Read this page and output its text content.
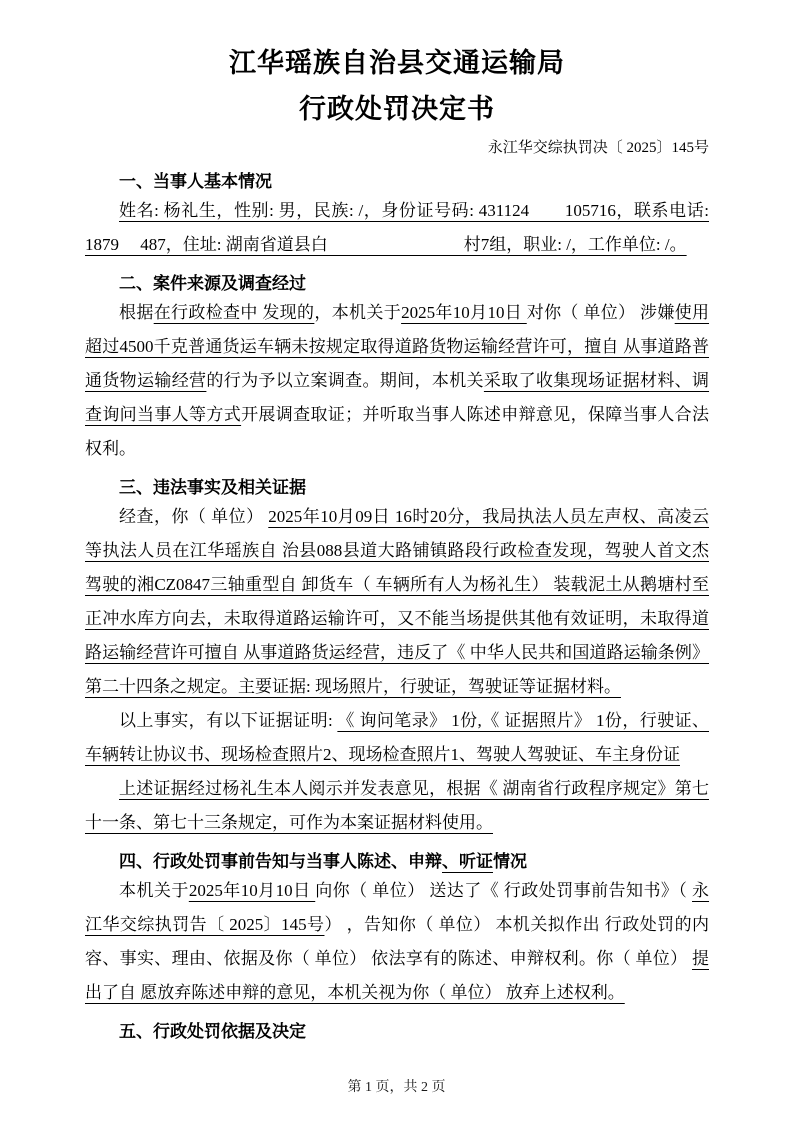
江华瑶族自治县交通运输局
行政处罚决定书
永江华交综执罚决〔 2025〕145号
一、当事人基本情况
姓名: 杨礼生，性别: 男，民族: /，身份证号码: 431124　　105716，联系电话: 1879　 487，住址: 湖南省道县白　　　　　　　　村7组，职业: /，工作单位: /。
二、案件来源及调查经过
根据在行政检查中 发现的，本机关于2025年10月10日 对你（ 单位） 涉嫌使用超过4500千克普通货运车辆未按规定取得道路货物运输经营许可，擅自 从事道路普通货物运输经营的行为予以立案调查。期间，本机关采取了收集现场证据材料、调查询问当事人等方式开展调查取证；并听取当事人陈述申辩意见，保障当事人合法权利。
三、违法事实及相关证据
经查，你（ 单位） 2025年10月09日 16时20分，我局执法人员左声权、高凌云等执法人员在江华瑶族自 治县088县道大路铺镇路段行政检查发现，驾驶人首文杰驾驶的湘CZ0847三轴重型自 卸货车（ 车辆所有人为杨礼生） 装载泥土从鹅塘村至正冲水库方向去，未取得道路运输许可，又不能当场提供其他有效证明，未取得道路运输经营许可擅自 从事道路货运经营，违反了《 中华人民共和国道路运输条例》第二十四条之规定。主要证据: 现场照片，行驶证，驾驶证等证据材料。
以上事实，有以下证据证明: 《 询问笔录》 1份,《 证据照片》 1份，行驶证、车辆转让协议书、现场检查照片2、现场检查照片1、驾驶人驾驶证、车主身份证
上述证据经过杨礼生本人阅示并发表意见，根据《 湖南省行政程序规定》第七十一条、第七十三条规定，可作为本案证据材料使用。
四、行政处罚事前告知与当事人陈述、申辩、听证情况
本机关于2025年10月10日 向你（ 单位） 送达了《 行政处罚事前告知书》（ 永江华交综执罚告〔 2025〕145号） ，告知你（ 单位） 本机关拟作出 行政处罚的内容、事实、理由、依据及你（ 单位） 依法享有的陈述、申辩权利。你（ 单位） 提出了自 愿放弃陈述申辩的意见，本机关视为你（ 单位） 放弃上述权利。
五、行政处罚依据及决定
第 1 页，共 2 页
